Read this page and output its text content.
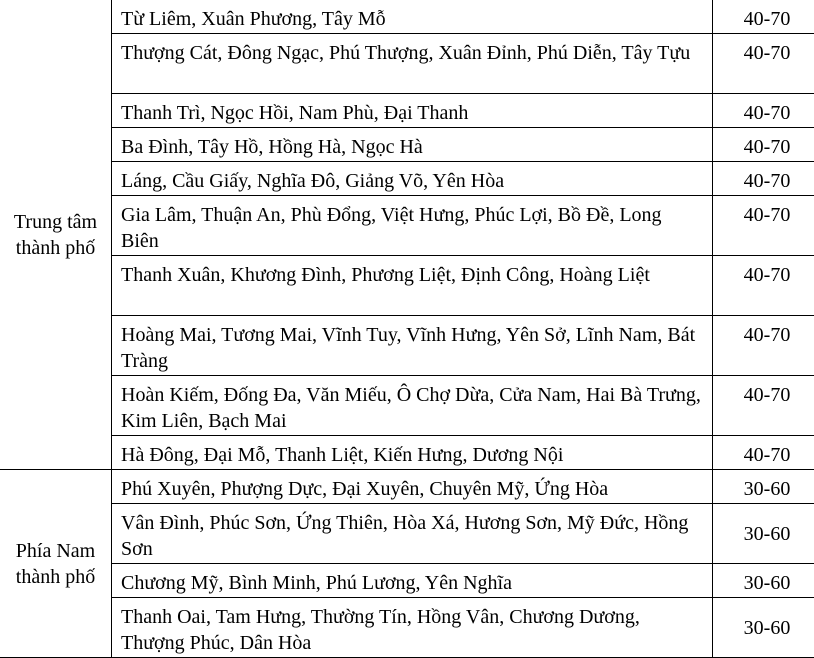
Trung tâm thành phố	Từ Liêm, Xuân Phương, Tây Mỗ	40-70
	Thượng Cát, Đông Ngạc, Phú Thượng, Xuân Đỉnh, Phú Diễn, Tây Tựu	40-70
	Thanh Trì, Ngọc Hồi, Nam Phù, Đại Thanh	40-70
	Ba Đình, Tây Hồ, Hồng Hà, Ngọc Hà	40-70
	Láng, Cầu Giấy, Nghĩa Đô, Giảng Võ, Yên Hòa	40-70
	Gia Lâm, Thuận An, Phù Đổng, Việt Hưng, Phúc Lợi, Bồ Đề, Long Biên	40-70
	Thanh Xuân, Khương Đình, Phương Liệt, Định Công, Hoàng Liệt	40-70
	Hoàng Mai, Tương Mai, Vĩnh Tuy, Vĩnh Hưng, Yên Sở, Lĩnh Nam, Bát Tràng	40-70
	Hoàn Kiếm, Đống Đa, Văn Miếu, Ô Chợ Dừa, Cửa Nam, Hai Bà Trưng, Kim Liên, Bạch Mai	40-70
	Hà Đông, Đại Mỗ, Thanh Liệt, Kiến Hưng, Dương Nội	40-70
Phía Nam thành phố	Phú Xuyên, Phượng Dực, Đại Xuyên, Chuyên Mỹ, Ứng Hòa	30-60
	Vân Đình, Phúc Sơn, Ứng Thiên, Hòa Xá, Hương Sơn, Mỹ Đức, Hồng Sơn	30-60
	Chương Mỹ, Bình Minh, Phú Lương, Yên Nghĩa	30-60
	Thanh Oai, Tam Hưng, Thường Tín, Hồng Vân, Chương Dương, Thượng Phúc, Dân Hòa	30-60
